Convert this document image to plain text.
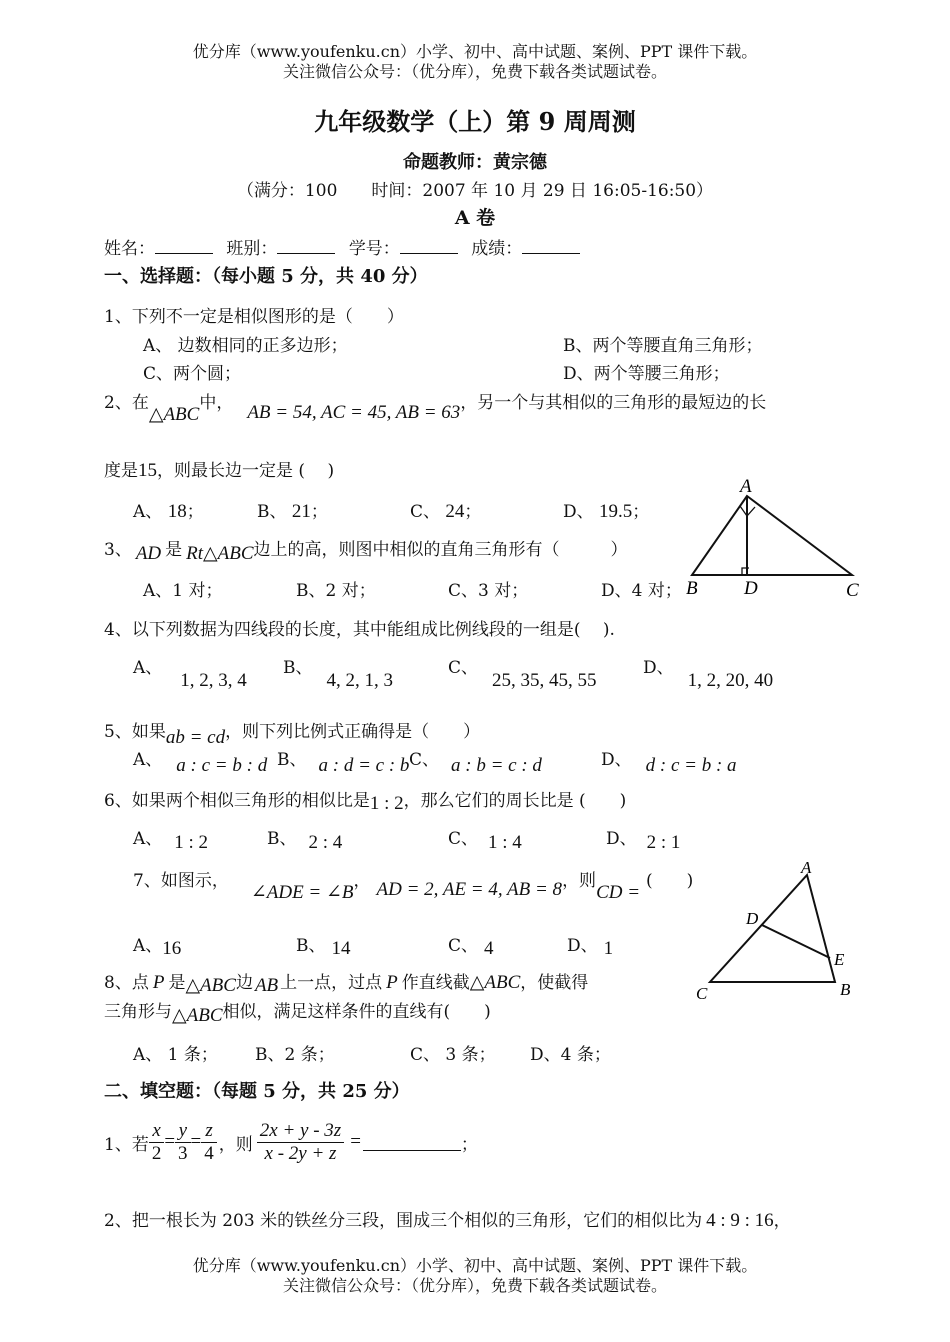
优分库（www.youfenku.cn）小学、初中、高中试题、案例、PPT 课件下载。
关注微信公众号：（优分库），免费下载各类试题试卷。
九年级数学（上）第 9 周周测
命题教师：黄宗德
（满分：100　　时间：2007 年 10 月 29 日 16:05-16:50）
A 卷
姓名：	班别：	学号：	成绩：
一、选择题：（每小题 5 分，共 40 分）
1、下列不一定是相似图形的是（　　）
A、 边数相同的正多边形；	B、两个等腰直角三角形；
C、两个圆；	D、两个等腰三角形；
2、在△ABC中， AB = 54, AC = 45, AB = 63，另一个与其相似的三角形的最短边的长
度是15，则最长边一定是 (　 )
A、 18；	B、 21；	C、 24；	D、 19.5；
A
B D	C
3、 AD 是 Rt△ABC边上的高，则图中相似的直角三角形有（　　　）
A、1 对；	B、2 对；	C、3 对；	D、4 对；
4、以下列数据为四线段的长度，其中能组成比例线段的一组是(　 ).
A、1, 2, 3, 4
B、4, 2, 1, 3
C、25, 35, 45, 55
D、1, 2, 20, 40
5、如果ab = cd，则下列比例式正确得是（　　）
A、 a : c = b : d B、 a : d = c : b C、 a : b = c : d	D、 d : c = b : a
6、如果两个相似三角形的相似比是1 : 2，那么它们的周长比是 (　　)
A、 1 : 2	B、 2 : 4	C、 1 : 4	D、 2 : 1
7、如图示，∠ADE = ∠B， AD = 2, AE = 4, AB = 8，则CD =(　　)
A、16	B、 14	C、 4	D、 1
A
D
E
C	B
8、点 P 是△ABC边 AB 上一点，过点 P 作直线截△ABC，使截得
三角形与△ABC相似，满足这样条件的直线有(　　)
A、 1 条； B、2 条；	C、 3 条； D、4 条；
二、填空题：（每题 5 分，共 25 分）
1、若 $\frac{x}{2} = \frac{y}{3} = \frac{z}{4}$ ，则 $\frac{2x + y - 3z}{x - 2y + z}$ =	；
2、把一根长为 203 米的铁丝分三段，围成三个相似的三角形，它们的相似比为 4 : 9 : 16，
优分库（www.youfenku.cn）小学、初中、高中试题、案例、PPT 课件下载。
关注微信公众号：（优分库），免费下载各类试题试卷。
